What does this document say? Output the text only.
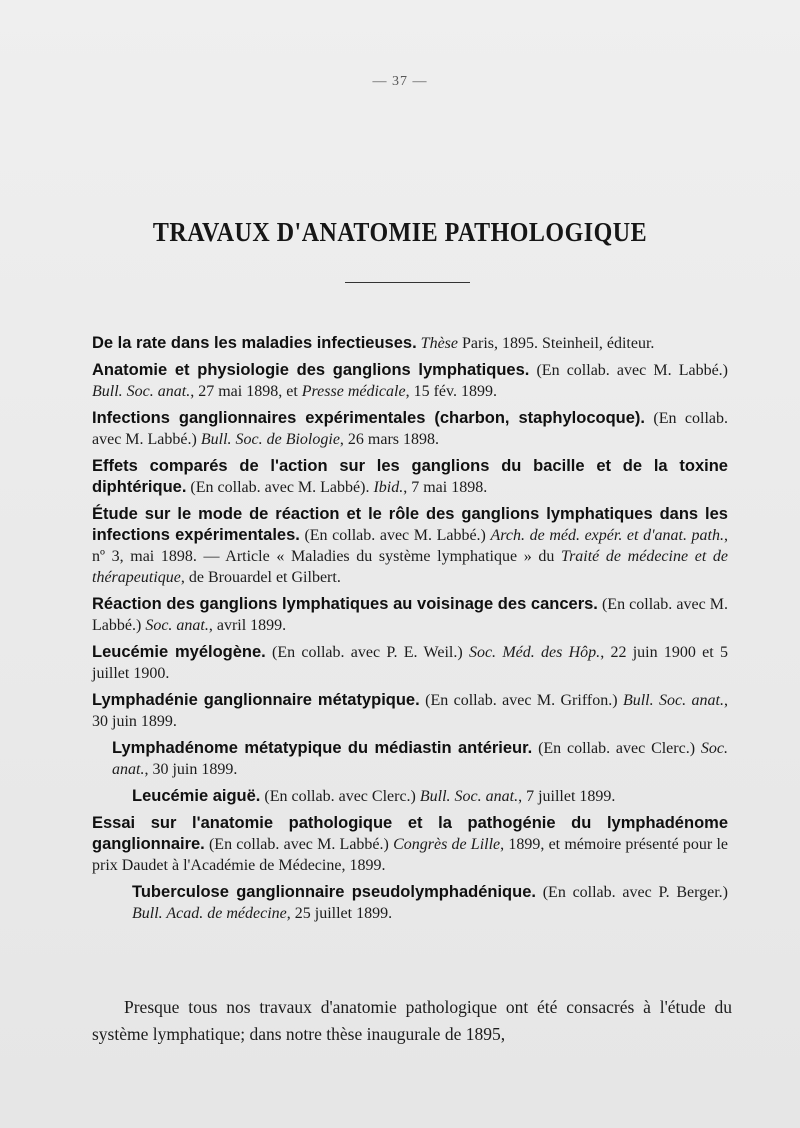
— 37 —
TRAVAUX D'ANATOMIE PATHOLOGIQUE
De la rate dans les maladies infectieuses. Thèse Paris, 1895. Steinheil, éditeur.
Anatomie et physiologie des ganglions lymphatiques. (En collab. avec M. Labbé.) Bull. Soc. anat., 27 mai 1898, et Presse médicale, 15 fév. 1899.
Infections ganglionnaires expérimentales (charbon, staphylocoque). (En collab. avec M. Labbé.) Bull. Soc. de Biologie, 26 mars 1898.
Effets comparés de l'action sur les ganglions du bacille et de la toxine diphtérique. (En collab. avec M. Labbé). Ibid., 7 mai 1898.
Étude sur le mode de réaction et le rôle des ganglions lymphatiques dans les infections expérimentales. (En collab. avec M. Labbé.) Arch. de méd. expér. et d'anat. path., nº 3, mai 1898. — Article « Maladies du système lymphatique » du Traité de médecine et de thérapeutique, de Brouardel et Gilbert.
Réaction des ganglions lymphatiques au voisinage des cancers. (En collab. avec M. Labbé.) Soc. anat., avril 1899.
Leucémie myélogène. (En collab. avec P. E. Weil.) Soc. Méd. des Hôp., 22 juin 1900 et 5 juillet 1900.
Lymphadénie ganglionnaire métatypique. (En collab. avec M. Griffon.) Bull. Soc. anat., 30 juin 1899.
Lymphadénome métatypique du médiastin antérieur. (En collab. avec Clerc.) Soc. anat., 30 juin 1899.
Leucémie aiguë. (En collab. avec Clerc.) Bull. Soc. anat., 7 juillet 1899.
Essai sur l'anatomie pathologique et la pathogénie du lymphadénome ganglionnaire. (En collab. avec M. Labbé.) Congrès de Lille, 1899, et mémoire présenté pour le prix Daudet à l'Académie de Médecine, 1899.
Tuberculose ganglionnaire pseudolymphadénique. (En collab. avec P. Berger.) Bull. Acad. de médecine, 25 juillet 1899.
Presque tous nos travaux d'anatomie pathologique ont été consacrés à l'étude du système lymphatique; dans notre thèse inaugurale de 1895,
